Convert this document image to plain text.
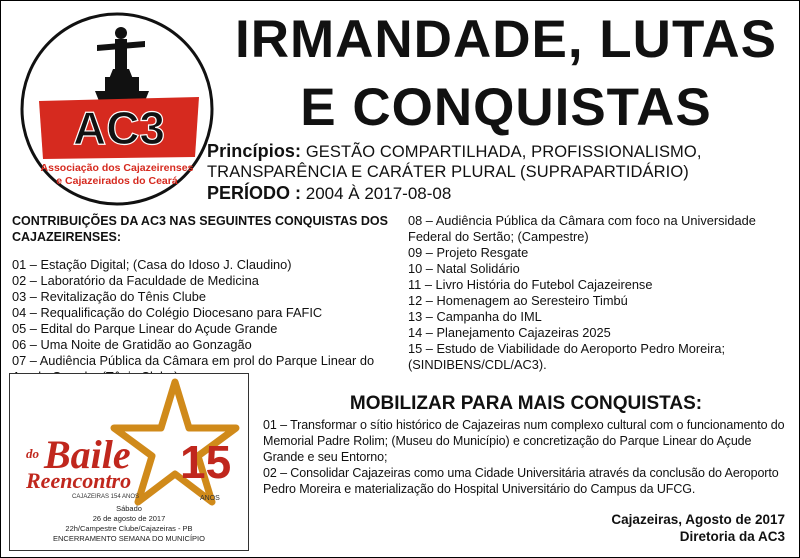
AC3
Associação dos Cajazeirenses
e Cajazeirados do Ceará
IRMANDADE, LUTAS
E CONQUISTAS
Princípios: GESTÃO COMPARTILHADA, PROFISSIONALISMO, TRANSPARÊNCIA E CARÁTER PLURAL (SUPRAPARTIDÁRIO)
PERÍODO : 2004 À 2017-08-08
CONTRIBUIÇÕES DA AC3 NAS SEGUINTES CONQUISTAS DOS CAJAZEIRENSES:
01 – Estação Digital; (Casa do Idoso J. Claudino)
02 – Laboratório da Faculdade de Medicina
03 – Revitalização do Tênis Clube
04 – Requalificação do Colégio Diocesano para FAFIC
05 – Edital do Parque Linear do Açude Grande
06 – Uma Noite de Gratidão ao Gonzagão
07 – Audiência Pública da Câmara em prol do Parque Linear do
08 – Audiência Pública da Câmara com foco na Universidade Federal do Sertão; (Campestre)
09 – Projeto Resgate
10 – Natal Solidário
11 – Livro História do Futebol Cajazeirense
12 – Homenagem ao Seresteiro Timbú
13 – Campanha do IML
14 – Planejamento Cajazeiras 2025
15 – Estudo de Viabilidade do Aeroporto Pedro Moreira; (SINDIBENS/CDL/AC3).
do Baile
Reencontro
CAJAZEIRAS 154 ANOS
15
ANOS
Sábado
26 de agosto de 2017
22h/Campestre Clube/Cajazeiras - PB
ENCERRAMENTO SEMANA DO MUNICÍPIO
MOBILIZAR PARA MAIS CONQUISTAS:
01 – Transformar o sítio histórico de Cajazeiras num complexo cultural com o funcionamento do Memorial Padre Rolim; (Museu do Município) e concretização do Parque Linear do Açude Grande e seu Entorno;
02 – Consolidar Cajazeiras como uma Cidade Universitária através da conclusão do Aeroporto Pedro Moreira e materialização do Hospital Universitário do Campus da UFCG.
Cajazeiras, Agosto de 2017
Diretoria da AC3
